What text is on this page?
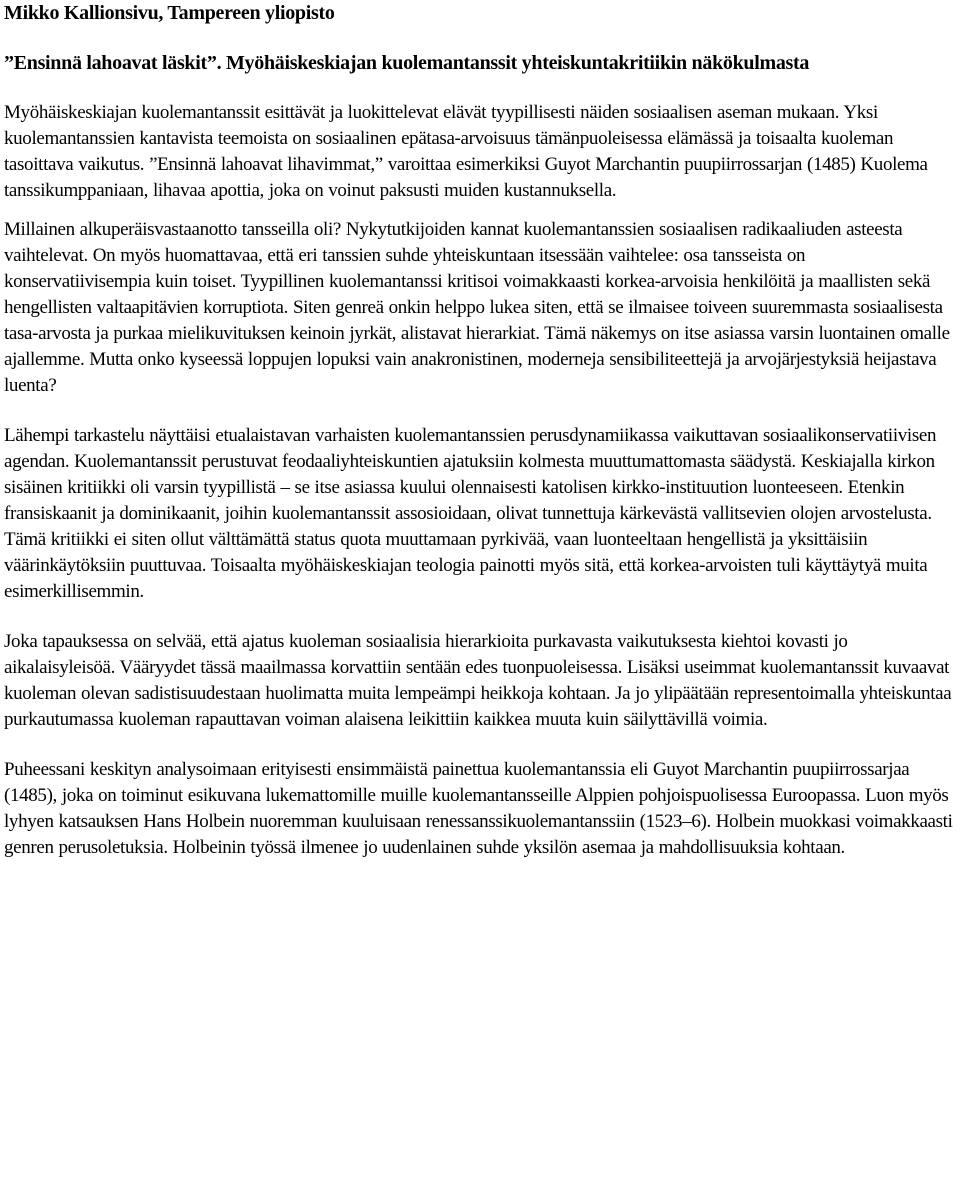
Mikko Kallionsivu, Tampereen yliopisto

”Ensinnä lahoavat läskit”. Myöhäiskeskiajan kuolemantanssit yhteiskuntakritiikin näkökulmasta

Myöhäiskeskiajan kuolemantanssit esittävät ja luokittelevat elävät tyypillisesti näiden sosiaalisen aseman mukaan. Yksi kuolemantanssien kantavista teemoista on sosiaalinen epätasa-arvoisuus tämänpuoleisessa elämässä ja toisaalta kuoleman tasoittava vaikutus. ”Ensinnä lahoavat lihavimmat,” varoittaa esimerkiksi Guyot Marchantin puupiirrossarjan (1485) Kuolema tanssikumppaniaan, lihavaa apottia, joka on voinut paksusti muiden kustannuksella.

Millainen alkuperäisvastaanotto tansseilla oli? Nykytutkijoiden kannat kuolemantanssien sosiaalisen radikaaliuden asteesta vaihtelevat. On myös huomattavaa, että eri tanssien suhde yhteiskuntaan itsessään vaihtelee: osa tansseista on konservatiivisempia kuin toiset. Tyypillinen kuolemantanssi kritisoi voimakkaasti korkea-arvoisia henkilöitä ja maallisten sekä hengellisten valtaapitävien korruptiota. Siten genreä onkin helppo lukea siten, että se ilmaisee toiveen suuremmasta sosiaalisesta tasa-arvosta ja purkaa mielikuvituksen keinoin jyrkät, alistavat hierarkiat. Tämä näkemys on itse asiassa varsin luontainen omalle ajallemme. Mutta onko kyseessä loppujen lopuksi vain anakronistinen, moderneja sensibiliteettejä ja arvojärjestyksiä heijastava luenta?

Lähempi tarkastelu näyttäisi etualaistavan varhaisten kuolemantanssien perusdynamiikassa vaikuttavan sosiaalikonservatiivisen agendan. Kuolemantanssit perustuvat feodaaliyhteiskuntien ajatuksiin kolmesta muuttumattomasta säädystä. Keskiajalla kirkon sisäinen kritiikki oli varsin tyypillistä – se itse asiassa kuului olennaisesti katolisen kirkko-instituution luonteeseen. Etenkin fransiskaanit ja dominikaanit, joihin kuolemantanssit assosioidaan, olivat tunnettuja kärkevästä vallitsevien olojen arvostelusta. Tämä kritiikki ei siten ollut välttämättä status quota muuttamaan pyrkivää, vaan luonteeltaan hengellistä ja yksittäisiin väärinkäytöksiin puuttuvaa. Toisaalta myöhäiskeskiajan teologia painotti myös sitä, että korkea-arvoisten tuli käyttäytyä muita esimerkillisemmin.

Joka tapauksessa on selvää, että ajatus kuoleman sosiaalisia hierarkioita purkavasta vaikutuksesta kiehtoi kovasti jo aikalaisyleisöä. Vääryydet tässä maailmassa korvattiin sentään edes tuonpuoleisessa. Lisäksi useimmat kuolemantanssit kuvaavat kuoleman olevan sadistisuudestaan huolimatta muita lempeämpi heikkoja kohtaan. Ja jo ylipäätään representoimalla yhteiskuntaa purkautumassa kuoleman rapauttavan voiman alaisena leikittiin kaikkea muuta kuin säilyttävillä voimia.

Puheessani keskityn analysoimaan erityisesti ensimmäistä painettua kuolemantanssia eli Guyot Marchantin puupiirrossarjaa (1485), joka on toiminut esikuvana lukemattomille muille kuolemantansseille Alppien pohjoispuolisessa Euroopassa. Luon myös lyhyen katsauksen Hans Holbein nuoremman kuuluisaan renessanssikuolemantanssiin (1523–6). Holbein muokkasi voimakkaasti genren perusoletuksia. Holbeinin työssä ilmenee jo uudenlainen suhde yksilön asemaa ja mahdollisuuksia kohtaan.
